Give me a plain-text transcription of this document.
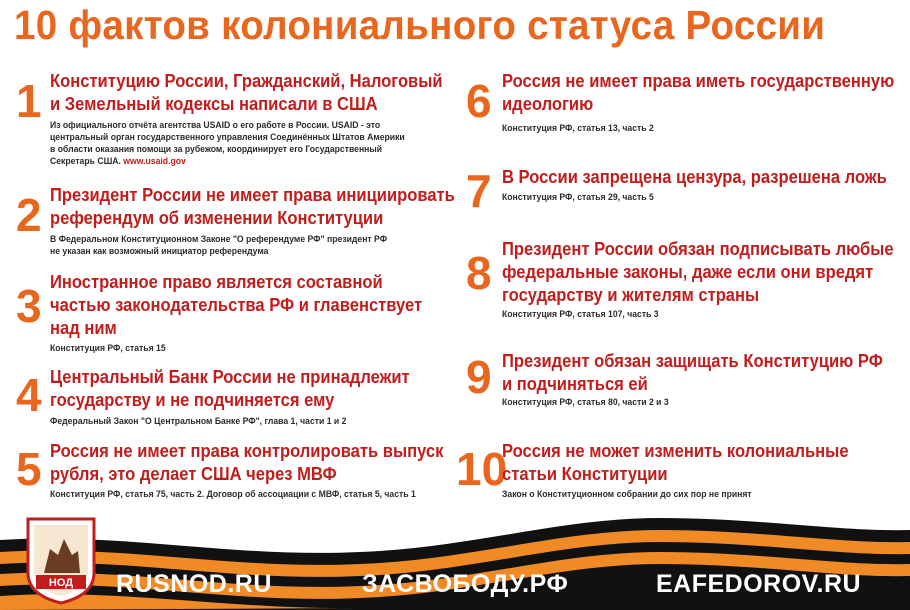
10 фактов колониального статуса России
1 Конституцию России, Гражданский, Налоговый
и Земельный кодексы написали в США
Из официального отчёта агентства USAID о его работе в России. USAID - это
центральный орган государственного управления Соединённых Штатов Америки
в области оказания помощи за рубежом, координирует его Государственный
Секретарь США. www.usaid.gov
2 Президент России не имеет права инициировать
референдум об изменении Конституции
В Федеральном Конституционном Законе "О референдуме РФ" президент РФ
не указан как возможный инициатор референдума
3 Иностранное право является составной
частью законодательства РФ и главенствует
над ним
Конституция РФ, статья 15
4 Центральный Банк России не принадлежит
государству и не подчиняется ему
Федеральный Закон "О Центральном Банке РФ", глава 1, части 1 и 2
5 Россия не имеет права контролировать выпуск
рубля, это делает США через МВФ
Конституция РФ, статья 75, часть 2. Договор об ассоциации с МВФ, статья 5, часть 1
6 Россия не имеет права иметь государственную
идеологию
Конституция РФ, статья 13, часть 2
7 В России запрещена цензура, разрешена ложь
Конституция РФ, статья 29, часть 5
8 Президент России обязан подписывать любые
федеральные законы, даже если они вредят
государству и жителям страны
Конституция РФ, статья 107, часть 3
9 Президент обязан защищать Конституцию РФ
и подчиняться ей
Конституция РФ, статья 80, части 2 и 3
10
Россия не может изменить колониальные
статьи Конституции
Закон о Конституционном собрании до сих пор не принят
НОД RUSNOD.RU	ЗАСВОБОДУ.РФ	EAFEDOROV.RU
